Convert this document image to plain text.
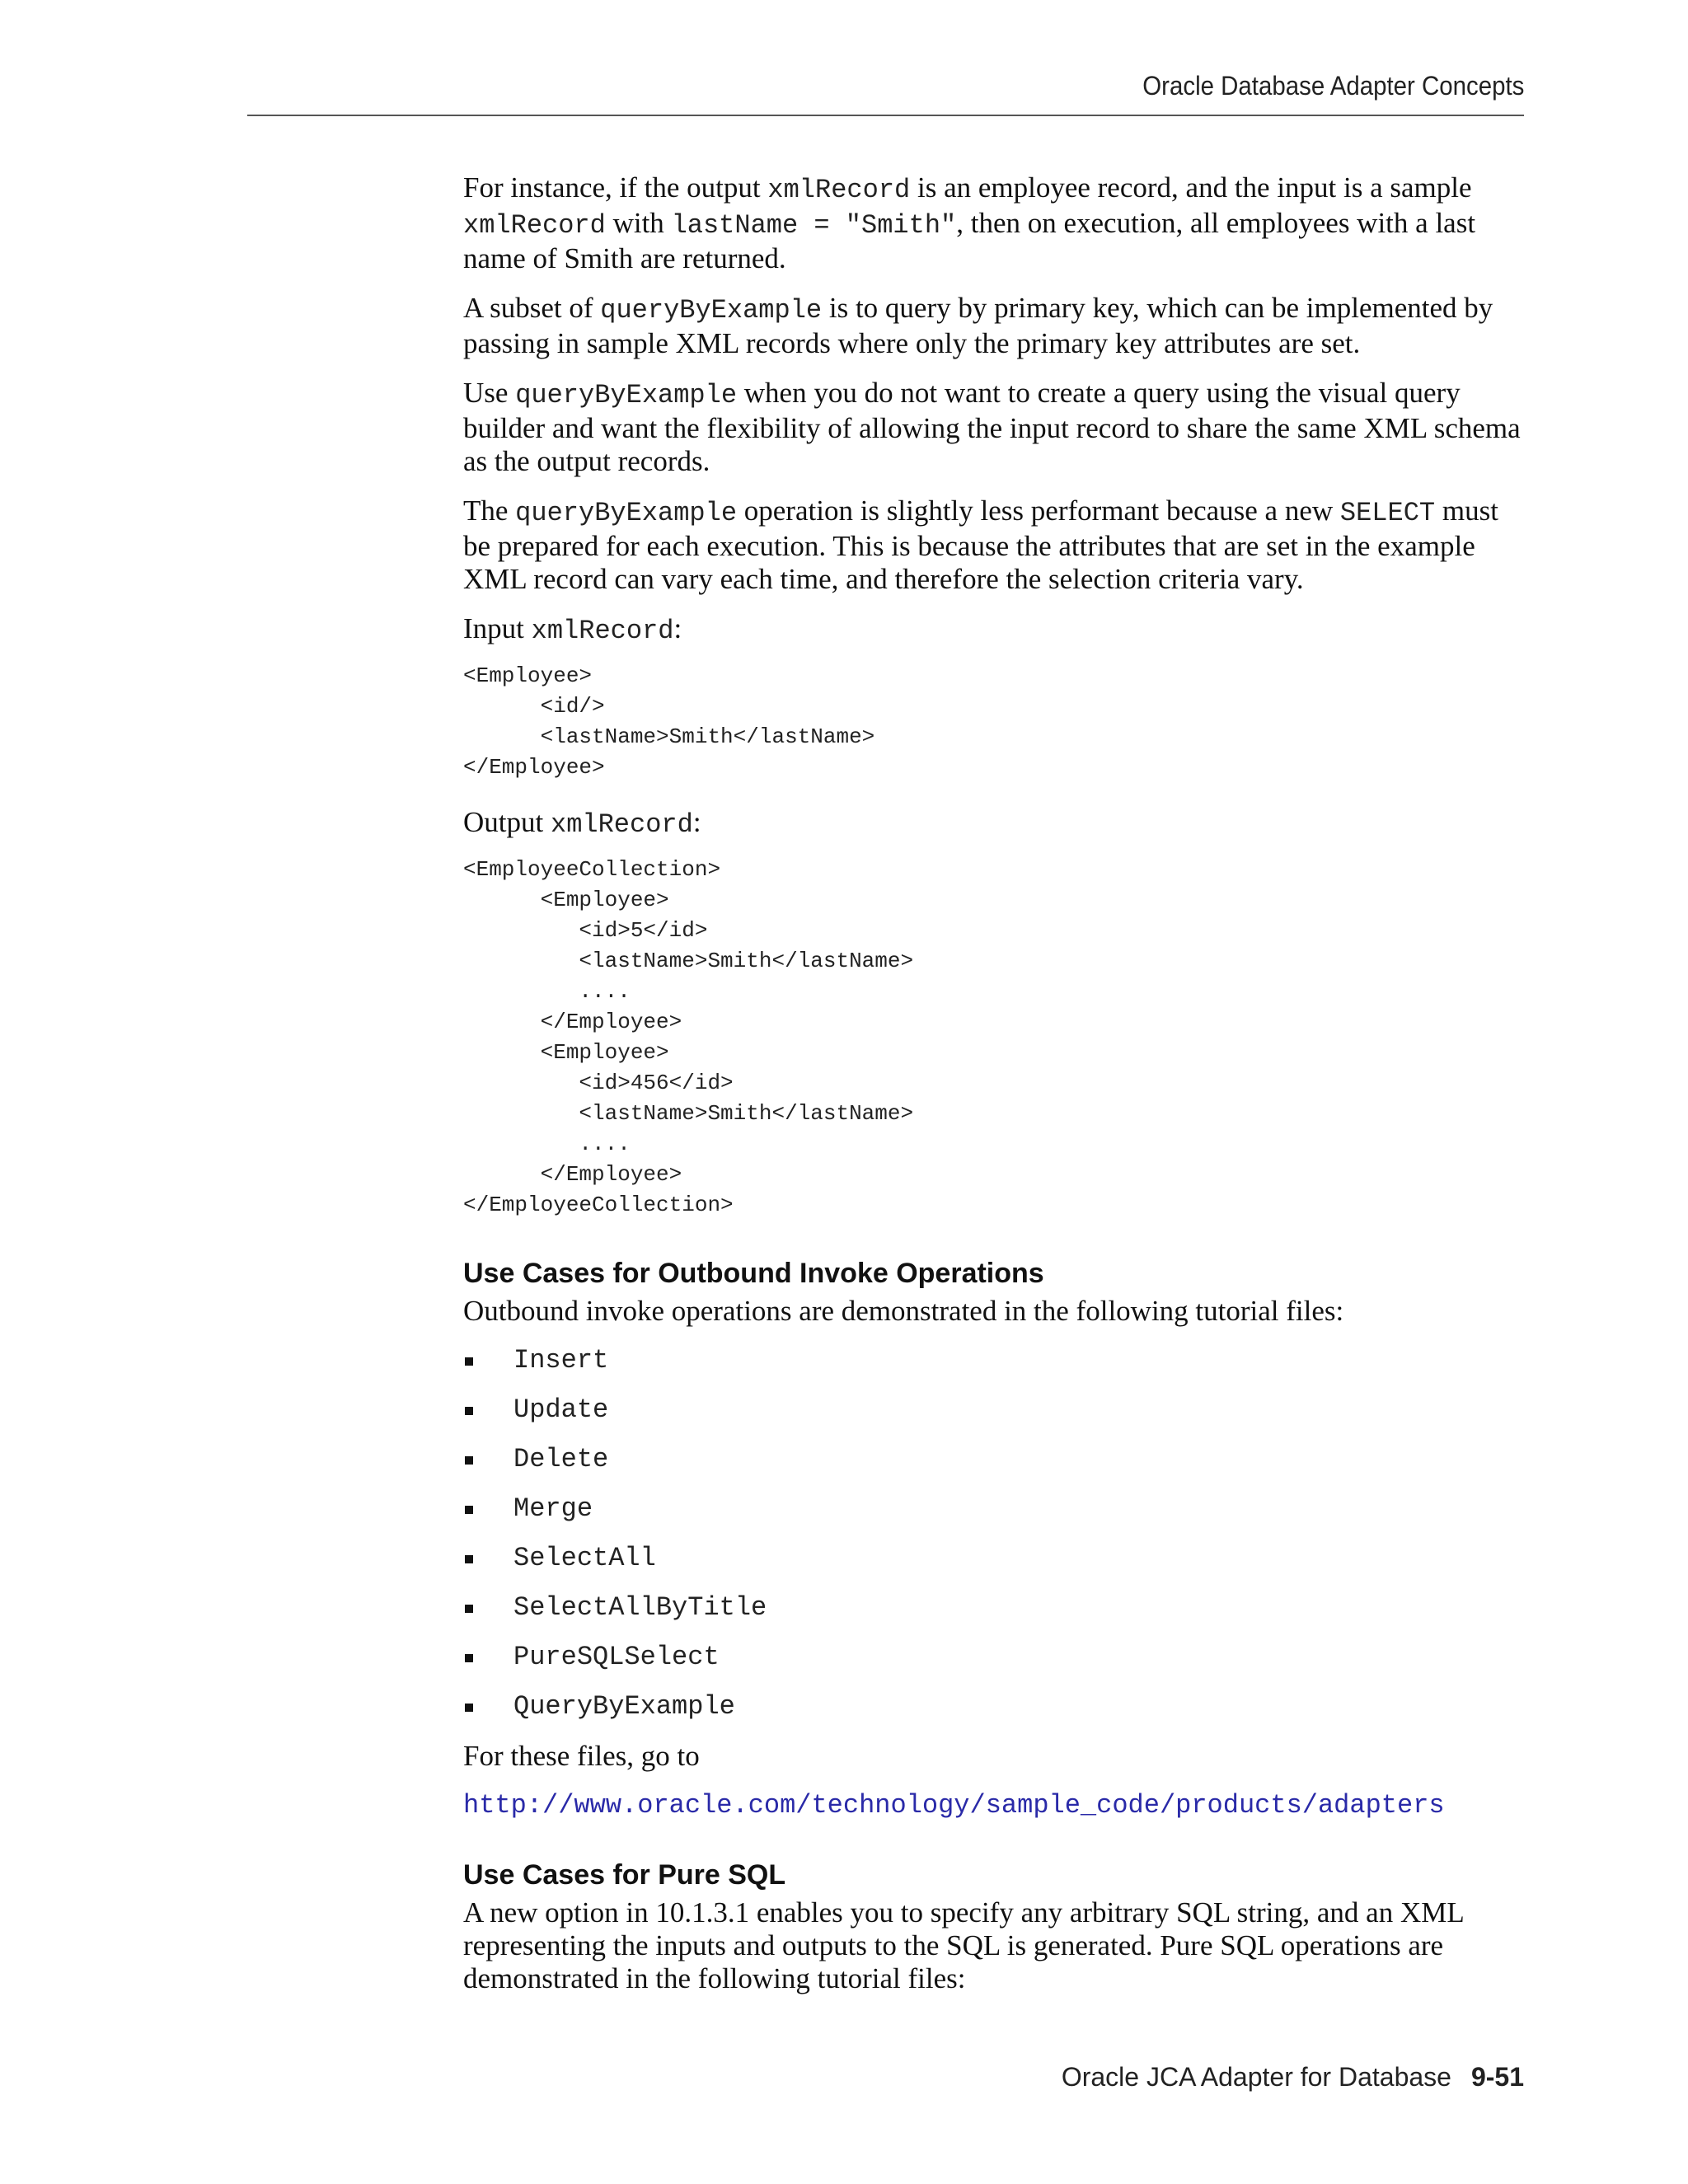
Oracle Database Adapter Concepts

For instance, if the output xmlRecord is an employee record, and the input is a sample xmlRecord with lastName = "Smith", then on execution, all employees with a last name of Smith are returned.

A subset of queryByExample is to query by primary key, which can be implemented by passing in sample XML records where only the primary key attributes are set.

Use queryByExample when you do not want to create a query using the visual query builder and want the flexibility of allowing the input record to share the same XML schema as the output records.

The queryByExample operation is slightly less performant because a new SELECT must be prepared for each execution. This is because the attributes that are set in the example XML record can vary each time, and therefore the selection criteria vary.

Input xmlRecord:

<Employee>
<id/>
<lastName>Smith</lastName>
</Employee>

Output xmlRecord:

<EmployeeCollection>
<Employee>
<id>5</id>
<lastName>Smith</lastName>
....
</Employee>
<Employee>
<id>456</id>
<lastName>Smith</lastName>
....
</Employee>
</EmployeeCollection>
Use Cases for Outbound Invoke Operations

Outbound invoke operations are demonstrated in the following tutorial files:

Insert
Update
Delete
Merge
SelectAll
SelectAllByTitle
PureSQLSelect
QueryByExample

For these files, go to

http://www.oracle.com/technology/sample_code/products/adapters

Use Cases for Pure SQL

A new option in 10.1.3.1 enables you to specify any arbitrary SQL string, and an XML representing the inputs and outputs to the SQL is generated. Pure SQL operations are demonstrated in the following tutorial files:

Oracle JCA Adapter for Database 9-51
